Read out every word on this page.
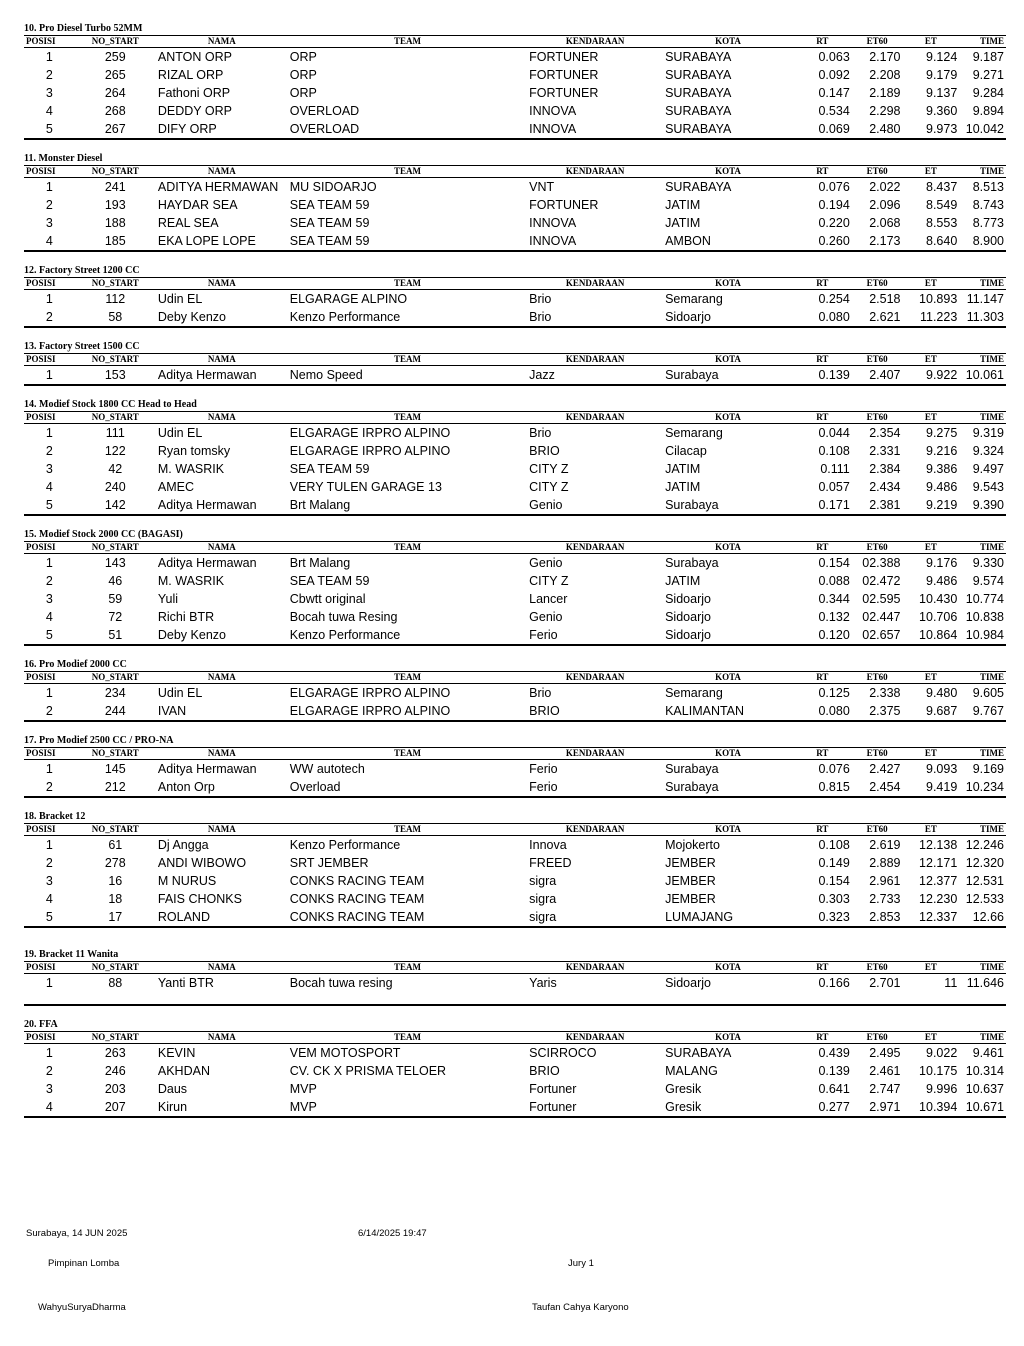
10. Pro Diesel Turbo 52MM
POSISI	NO_START	NAMA	TEAM	KENDARAAN	KOTA	RT	ET60	ET	TIME
1	259	ANTON ORP	ORP	FORTUNER	SURABAYA	0.063	2.170	9.124	9.187
2	265	RIZAL ORP	ORP	FORTUNER	SURABAYA	0.092	2.208	9.179	9.271
3	264	Fathoni ORP	ORP	FORTUNER	SURABAYA	0.147	2.189	9.137	9.284
4	268	DEDDY ORP	OVERLOAD	INNOVA	SURABAYA	0.534	2.298	9.360	9.894
5	267	DIFY ORP	OVERLOAD	INNOVA	SURABAYA	0.069	2.480	9.973	10.042
11. Monster Diesel
POSISI	NO_START	NAMA	TEAM	KENDARAAN	KOTA	RT	ET60	ET	TIME
1	241	ADITYA HERMAWAN	MU SIDOARJO	VNT	SURABAYA	0.076	2.022	8.437	8.513
2	193	HAYDAR SEA	SEA TEAM 59	FORTUNER	JATIM	0.194	2.096	8.549	8.743
3	188	REAL SEA	SEA TEAM 59	INNOVA	JATIM	0.220	2.068	8.553	8.773
4	185	EKA LOPE LOPE	SEA TEAM 59	INNOVA	AMBON	0.260	2.173	8.640	8.900
12. Factory Street 1200 CC
POSISI	NO_START	NAMA	TEAM	KENDARAAN	KOTA	RT	ET60	ET	TIME
1	112	Udin EL	ELGARAGE ALPINO	Brio	Semarang	0.254	2.518	10.893	11.147
2	58	Deby Kenzo	Kenzo Performance	Brio	Sidoarjo	0.080	2.621	11.223	11.303
13. Factory Street 1500 CC
POSISI	NO_START	NAMA	TEAM	KENDARAAN	KOTA	RT	ET60	ET	TIME
1	153	Aditya Hermawan	Nemo Speed	Jazz	Surabaya	0.139	2.407	9.922	10.061
14. Modief Stock 1800 CC Head to Head
POSISI	NO_START	NAMA	TEAM	KENDARAAN	KOTA	RT	ET60	ET	TIME
1	111	Udin EL	ELGARAGE IRPRO ALPINO	Brio	Semarang	0.044	2.354	9.275	9.319
2	122	Ryan tomsky	ELGARAGE IRPRO ALPINO	BRIO	Cilacap	0.108	2.331	9.216	9.324
3	42	M. WASRIK	SEA TEAM 59	CITY Z	JATIM	0.111	2.384	9.386	9.497
4	240	AMEC	VERY TULEN GARAGE 13	CITY Z	JATIM	0.057	2.434	9.486	9.543
5	142	Aditya Hermawan	Brt Malang	Genio	Surabaya	0.171	2.381	9.219	9.390
15. Modief Stock 2000 CC (BAGASI)
POSISI	NO_START	NAMA	TEAM	KENDARAAN	KOTA	RT	ET60	ET	TIME
1	143	Aditya Hermawan	Brt Malang	Genio	Surabaya	0.154	02.388	9.176	9.330
2	46	M. WASRIK	SEA TEAM 59	CITY Z	JATIM	0.088	02.472	9.486	9.574
3	59	Yuli	Cbwtt original	Lancer	Sidoarjo	0.344	02.595	10.430	10.774
4	72	Richi BTR	Bocah tuwa Resing	Genio	Sidoarjo	0.132	02.447	10.706	10.838
5	51	Deby Kenzo	Kenzo Performance	Ferio	Sidoarjo	0.120	02.657	10.864	10.984
16. Pro Modief 2000 CC
POSISI	NO_START	NAMA	TEAM	KENDARAAN	KOTA	RT	ET60	ET	TIME
1	234	Udin EL	ELGARAGE IRPRO ALPINO	Brio	Semarang	0.125	2.338	9.480	9.605
2	244	IVAN	ELGARAGE IRPRO ALPINO	BRIO	KALIMANTAN	0.080	2.375	9.687	9.767
17. Pro Modief 2500 CC / PRO-NA
POSISI	NO_START	NAMA	TEAM	KENDARAAN	KOTA	RT	ET60	ET	TIME
1	145	Aditya Hermawan	WW autotech	Ferio	Surabaya	0.076	2.427	9.093	9.169
2	212	Anton Orp	Overload	Ferio	Surabaya	0.815	2.454	9.419	10.234
18. Bracket 12
POSISI	NO_START	NAMA	TEAM	KENDARAAN	KOTA	RT	ET60	ET	TIME
1	61	Dj Angga	Kenzo Performance	Innova	Mojokerto	0.108	2.619	12.138	12.246
2	278	ANDI WIBOWO	SRT JEMBER	FREED	JEMBER	0.149	2.889	12.171	12.320
3	16	M NURUS	CONKS RACING TEAM	sigra	JEMBER	0.154	2.961	12.377	12.531
4	18	FAIS CHONKS	CONKS RACING TEAM	sigra	JEMBER	0.303	2.733	12.230	12.533
5	17	ROLAND	CONKS RACING TEAM	sigra	LUMAJANG	0.323	2.853	12.337	12.66
19. Bracket 11 Wanita
POSISI	NO_START	NAMA	TEAM	KENDARAAN	KOTA	RT	ET60	ET	TIME
1	88	Yanti BTR	Bocah tuwa resing	Yaris	Sidoarjo	0.166	2.701	11	11.646

20. FFA
POSISI	NO_START	NAMA	TEAM	KENDARAAN	KOTA	RT	ET60	ET	TIME
1	263	KEVIN	VEM MOTOSPORT	SCIRROCO	SURABAYA	0.439	2.495	9.022	9.461
2	246	AKHDAN	CV. CK X PRISMA TELOER	BRIO	MALANG	0.139	2.461	10.175	10.314
3	203	Daus	MVP	Fortuner	Gresik	0.641	2.747	9.996	10.637
4	207	Kirun	MVP	Fortuner	Gresik	0.277	2.971	10.394	10.671
Surabaya, 14 JUN 2025	6/14/2025 19:47
Pimpinan Lomba	Jury 1
WahyuSuryaDharma	Taufan Cahya Karyono
